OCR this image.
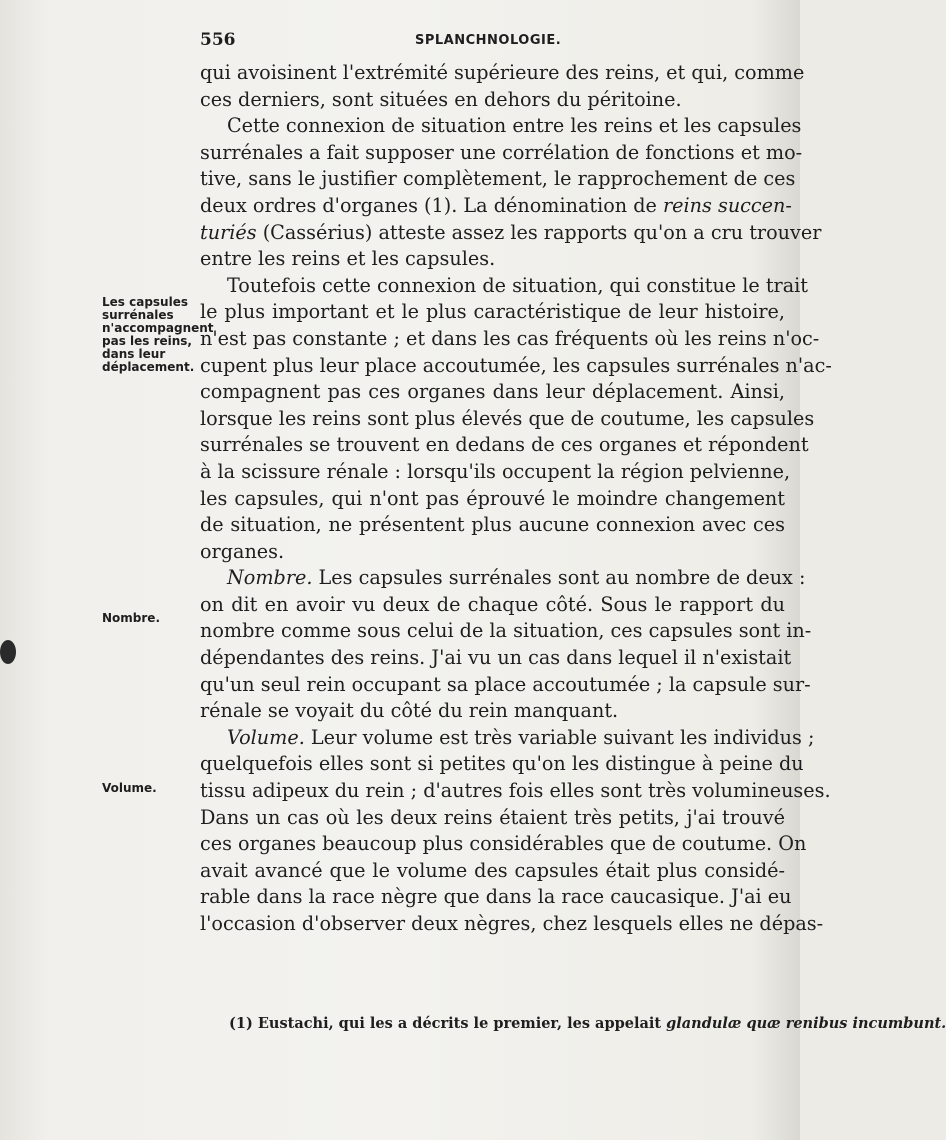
556	SPLANCHNOLOGIE.
Les capsules surrénales n'accompagnent pas les reins, dans leur déplacement.
Nombre.
Volume.
qui avoisinent l'extrémité supérieure des reins, et qui, comme
ces derniers, sont situées en dehors du péritoine.
Cette connexion de situation entre les reins et les capsules
surrénales a fait supposer une corrélation de fonctions et mo-
tive, sans le justifier complètement, le rapprochement de ces
deux ordres d'organes (1). La dénomination de reins succen-
turiés (Cassérius) atteste assez les rapports qu'on a cru trouver
entre les reins et les capsules.
Toutefois cette connexion de situation, qui constitue le trait
le plus important et le plus caractéristique de leur histoire,
n'est pas constante ; et dans les cas fréquents où les reins n'oc-
cupent plus leur place accoutumée, les capsules surrénales n'ac-
compagnent pas ces organes dans leur déplacement. Ainsi,
lorsque les reins sont plus élevés que de coutume, les capsules
surrénales se trouvent en dedans de ces organes et répondent
à la scissure rénale : lorsqu'ils occupent la région pelvienne,
les capsules, qui n'ont pas éprouvé le moindre changement
de situation, ne présentent plus aucune connexion avec ces
organes.
Nombre. Les capsules surrénales sont au nombre de deux :
on dit en avoir vu deux de chaque côté. Sous le rapport du
nombre comme sous celui de la situation, ces capsules sont in-
dépendantes des reins. J'ai vu un cas dans lequel il n'existait
qu'un seul rein occupant sa place accoutumée ; la capsule sur-
rénale se voyait du côté du rein manquant.
Volume. Leur volume est très variable suivant les individus ;
quelquefois elles sont si petites qu'on les distingue à peine du
tissu adipeux du rein ; d'autres fois elles sont très volumineuses.
Dans un cas où les deux reins étaient très petits, j'ai trouvé
ces organes beaucoup plus considérables que de coutume. On
avait avancé que le volume des capsules était plus considé-
rable dans la race nègre que dans la race caucasique. J'ai eu
l'occasion d'observer deux nègres, chez lesquels elles ne dépas-
(1) Eustachi, qui les a décrits le premier, les appelait glandulæ quæ renibus incumbunt.
